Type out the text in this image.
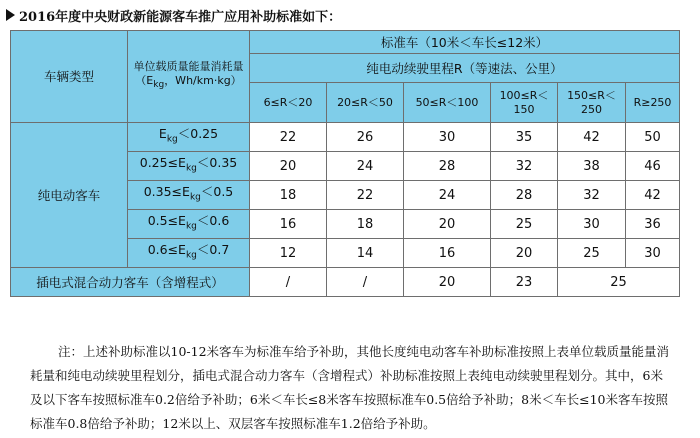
2016年度中央财政新能源客车推广应用补助标准如下：
车辆类型	单位载质量能量消耗量（$E_{kg}$，Wh/km·kg）	标准车（10米＜车长≤12米）					
		纯电动续驶里程R（等速法、公里）					
		6≤R＜20	20≤R＜50	50≤R＜100	100≤R＜150	150≤R＜250	R≥250
纯电动客车	$E_{kg}<0.25$	22	26	30	35	42	50
	$0.25\le E_{kg}<0.35$	20	24	28	32	38	46
	$0.35\le E_{kg}<0.5$	18	22	24	28	32	42
	$0.5\le E_{kg}<0.6$	16	18	20	25	30	36
	$0.6\le E_{kg}<0.7$	12	14	16	20	25	30
插电式混合动力客车（含增程式）		/	/	20	23	25	
注：上述补助标准以10-12米客车为标准车给予补助，其他长度纯电动客车补助标准按照上表单位载质量能量消耗量和纯电动续驶里程划分，插电式混合动力客车（含增程式）补助标准按照上表纯电动续驶里程划分。其中，6米及以下客车按照标准车0.2倍给予补助；6米＜车长≤8米客车按照标准车0.5倍给予补助；8米＜车长≤10米客车按照标准车0.8倍给予补助；12米以上、双层客车按照标准车1.2倍给予补助。
